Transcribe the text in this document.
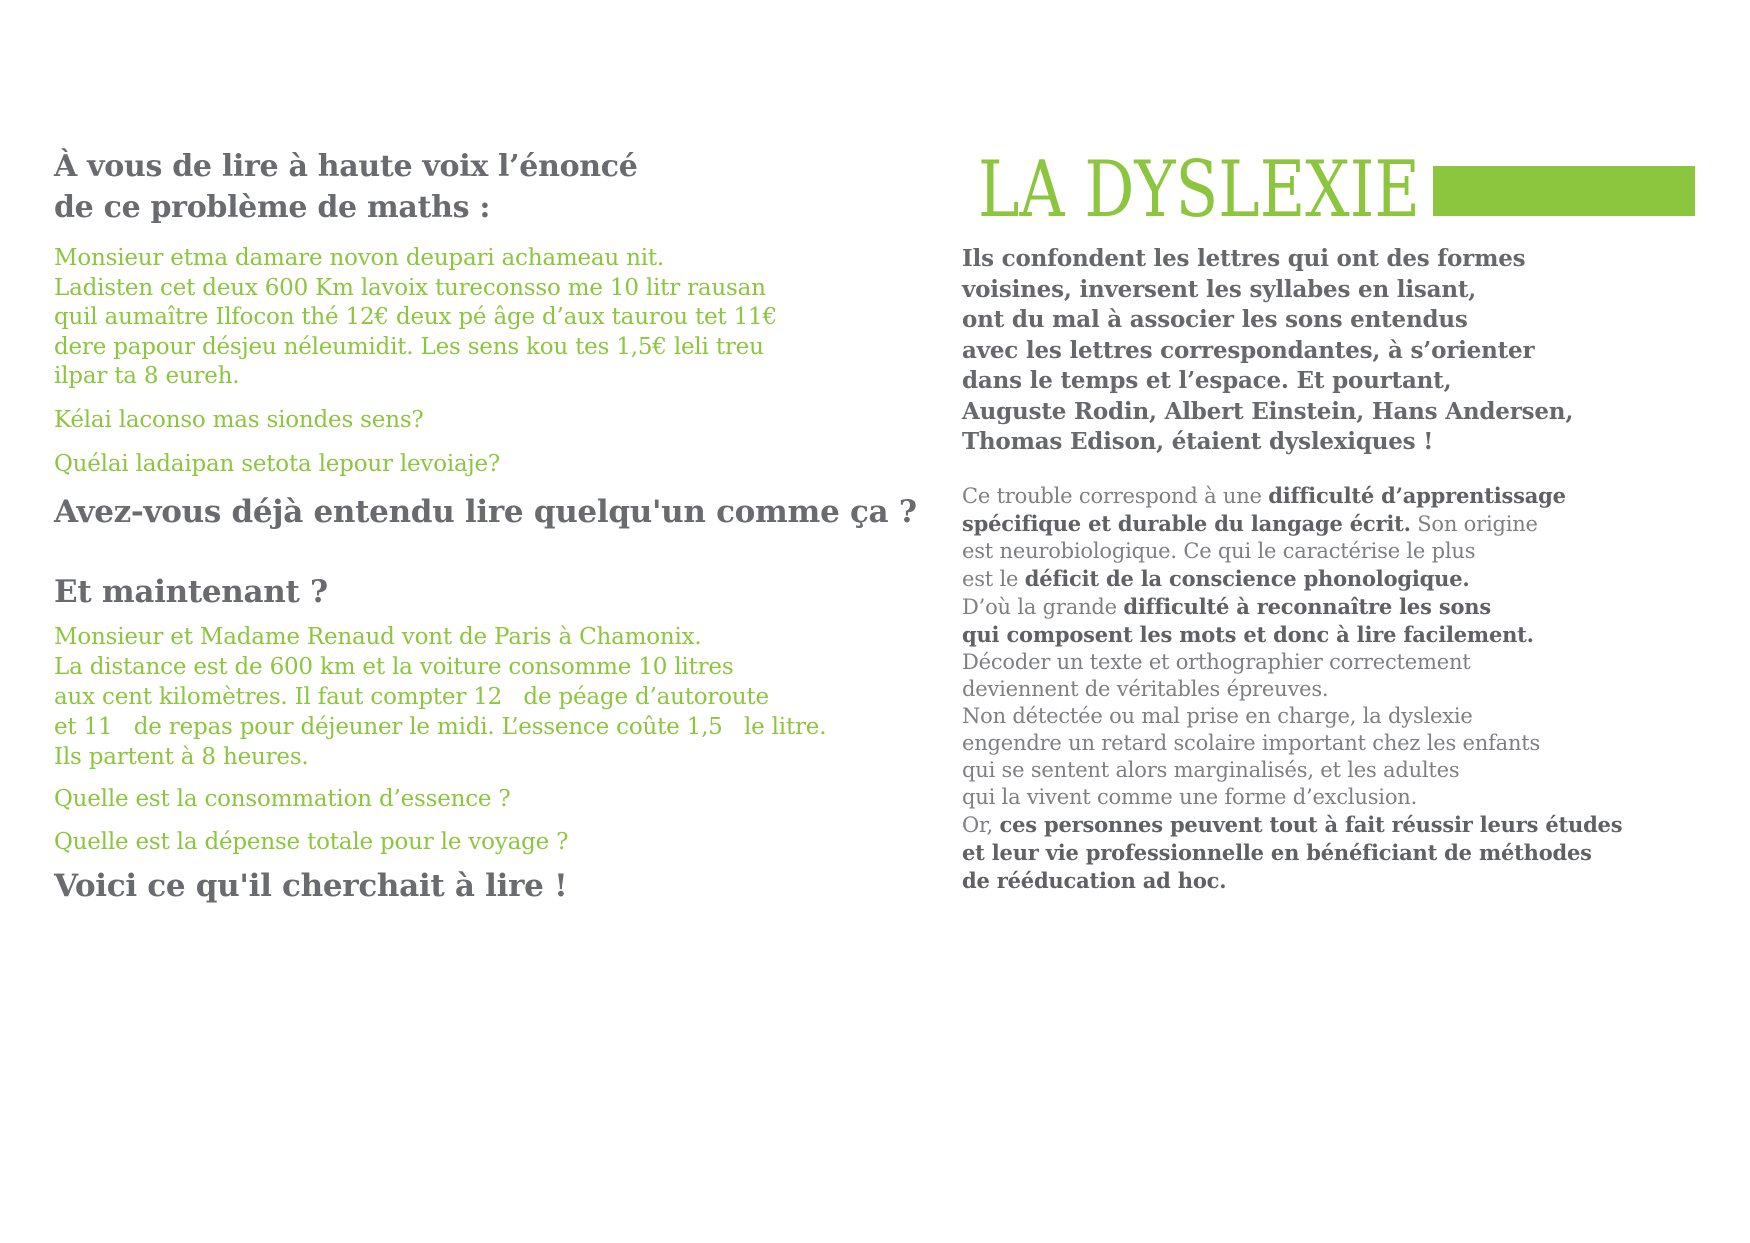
À vous de lire à haute voix l’énoncé
de ce problème de maths :
Monsieur etma damare novon deupari achameau nit.
Ladisten cet deux 600 Km lavoix tureconsso me 10 litr rausan
quil aumaître Ilfocon thé 12€ deux pé âge d’aux taurou tet 11€
dere papour désjeu néleumidit. Les sens kou tes 1,5€ leli treu
ilpar ta 8 eureh.
Kélai laconso mas siondes sens?
Quélai ladaipan setota lepour levoiaje?
Avez-vous déjà entendu lire quelqu'un comme ça ?
Et maintenant ?
Monsieur et Madame Renaud vont de Paris à Chamonix.
La distance est de 600 km et la voiture consomme 10 litres
aux cent kilomètres. Il faut compter 12   de péage d’autoroute
et 11   de repas pour déjeuner le midi. L’essence coûte 1,5   le litre.
Ils partent à 8 heures.
Quelle est la consommation d’essence ?
Quelle est la dépense totale pour le voyage ?
Voici ce qu'il cherchait à lire !
LA DYSLEXIE
Ils confondent les lettres qui ont des formes
voisines, inversent les syllabes en lisant,
ont du mal à associer les sons entendus
avec les lettres correspondantes, à s’orienter
dans le temps et l’espace. Et pourtant,
Auguste Rodin, Albert Einstein, Hans Andersen,
Thomas Edison, étaient dyslexiques !
Ce trouble correspond à une difficulté d’apprentissage
spécifique et durable du langage écrit. Son origine
est neurobiologique. Ce qui le caractérise le plus
est le déficit de la conscience phonologique.
D’où la grande difficulté à reconnaître les sons
qui composent les mots et donc à lire facilement.
Décoder un texte et orthographier correctement
deviennent de véritables épreuves.
Non détectée ou mal prise en charge, la dyslexie
engendre un retard scolaire important chez les enfants
qui se sentent alors marginalisés, et les adultes
qui la vivent comme une forme d’exclusion.
Or, ces personnes peuvent tout à fait réussir leurs études
et leur vie professionnelle en bénéficiant de méthodes
de rééducation ad hoc.
